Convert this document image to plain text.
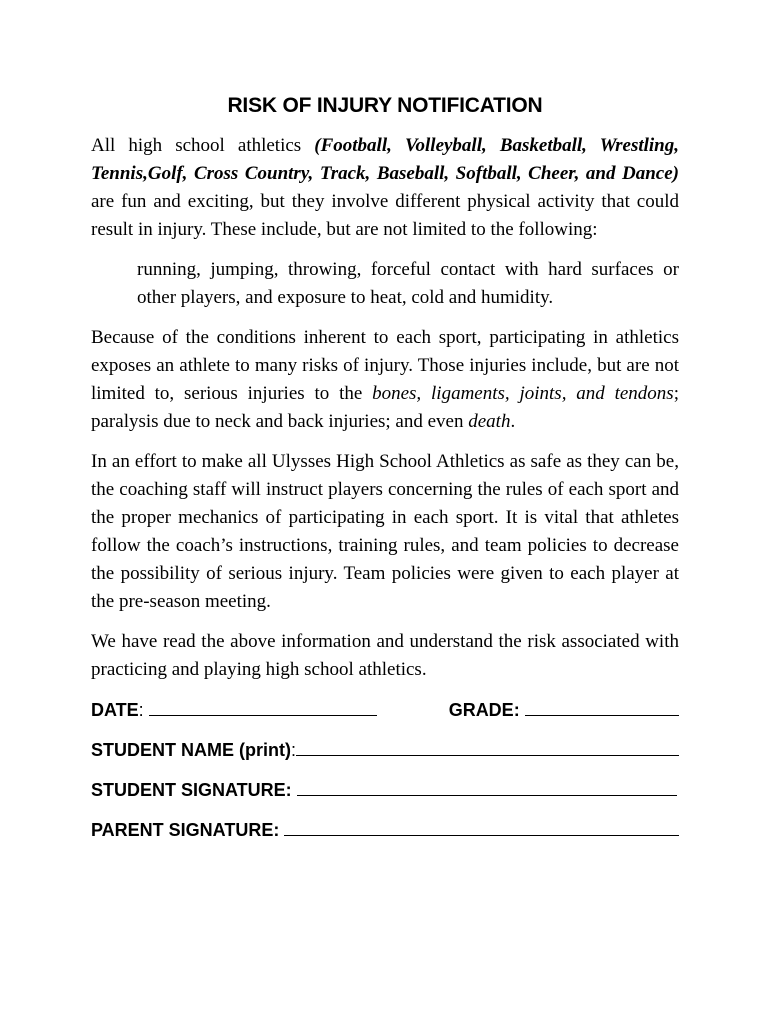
RISK OF INJURY NOTIFICATION

All high school athletics (Football, Volleyball, Basketball, Wrestling, Tennis,Golf, Cross Country, Track, Baseball, Softball, Cheer, and Dance) are fun and exciting, but they involve different physical activity that could result in injury. These include, but are not limited to the following:

running, jumping, throwing, forceful contact with hard surfaces or other players, and exposure to heat, cold and humidity.

Because of the conditions inherent to each sport, participating in athletics exposes an athlete to many risks of injury. Those injuries include, but are not limited to, serious injuries to the bones, ligaments, joints, and tendons; paralysis due to neck and back injuries; and even death.

In an effort to make all Ulysses High School Athletics as safe as they can be, the coaching staff will instruct players concerning the rules of each sport and the proper mechanics of participating in each sport. It is vital that athletes follow the coach’s instructions, training rules, and team policies to decrease the possibility of serious injury. Team policies were given to each player at the pre-season meeting.

We have read the above information and understand the risk associated with practicing and playing high school athletics.

DATE :	GRADE:
STUDENT NAME (print) :
STUDENT SIGNATURE:
PARENT SIGNATURE:
